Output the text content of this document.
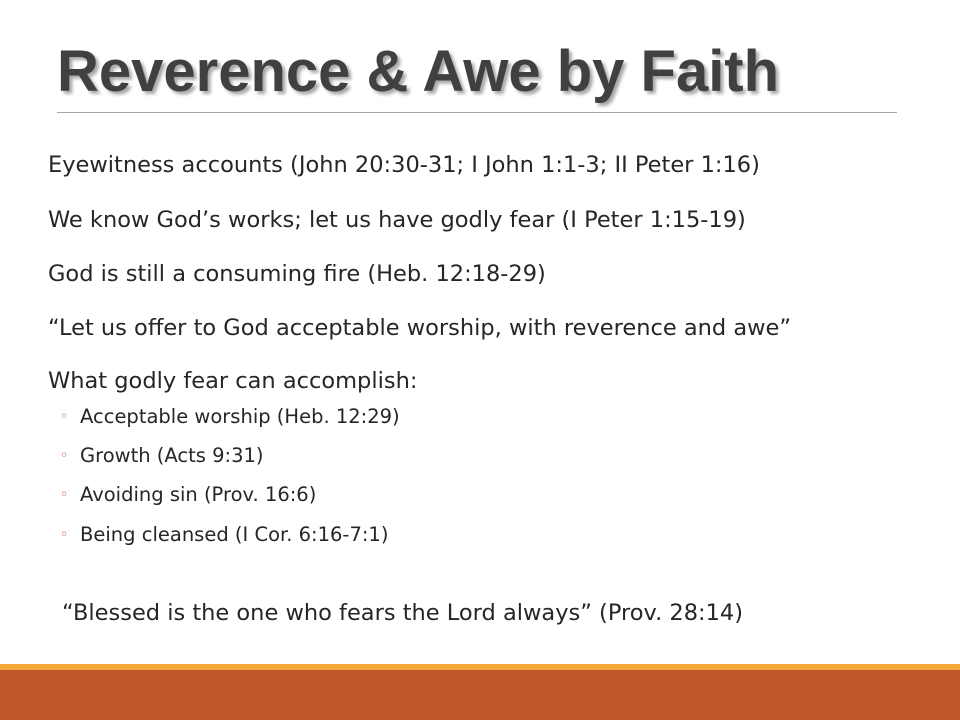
Reverence & Awe by Faith
Eyewitness accounts (John 20:30-31; I John 1:1-3; II Peter 1:16)
We know God’s works; let us have godly fear (I Peter 1:15-19)
God is still a consuming fire (Heb. 12:18-29)
“Let us offer to God acceptable worship, with reverence and awe”
What godly fear can accomplish:
◦ Acceptable worship (Heb. 12:29)
◦ Growth (Acts 9:31)
◦ Avoiding sin (Prov. 16:6)
◦ Being cleansed (I Cor. 6:16-7:1)
“Blessed is the one who fears the Lord always” (Prov. 28:14)
